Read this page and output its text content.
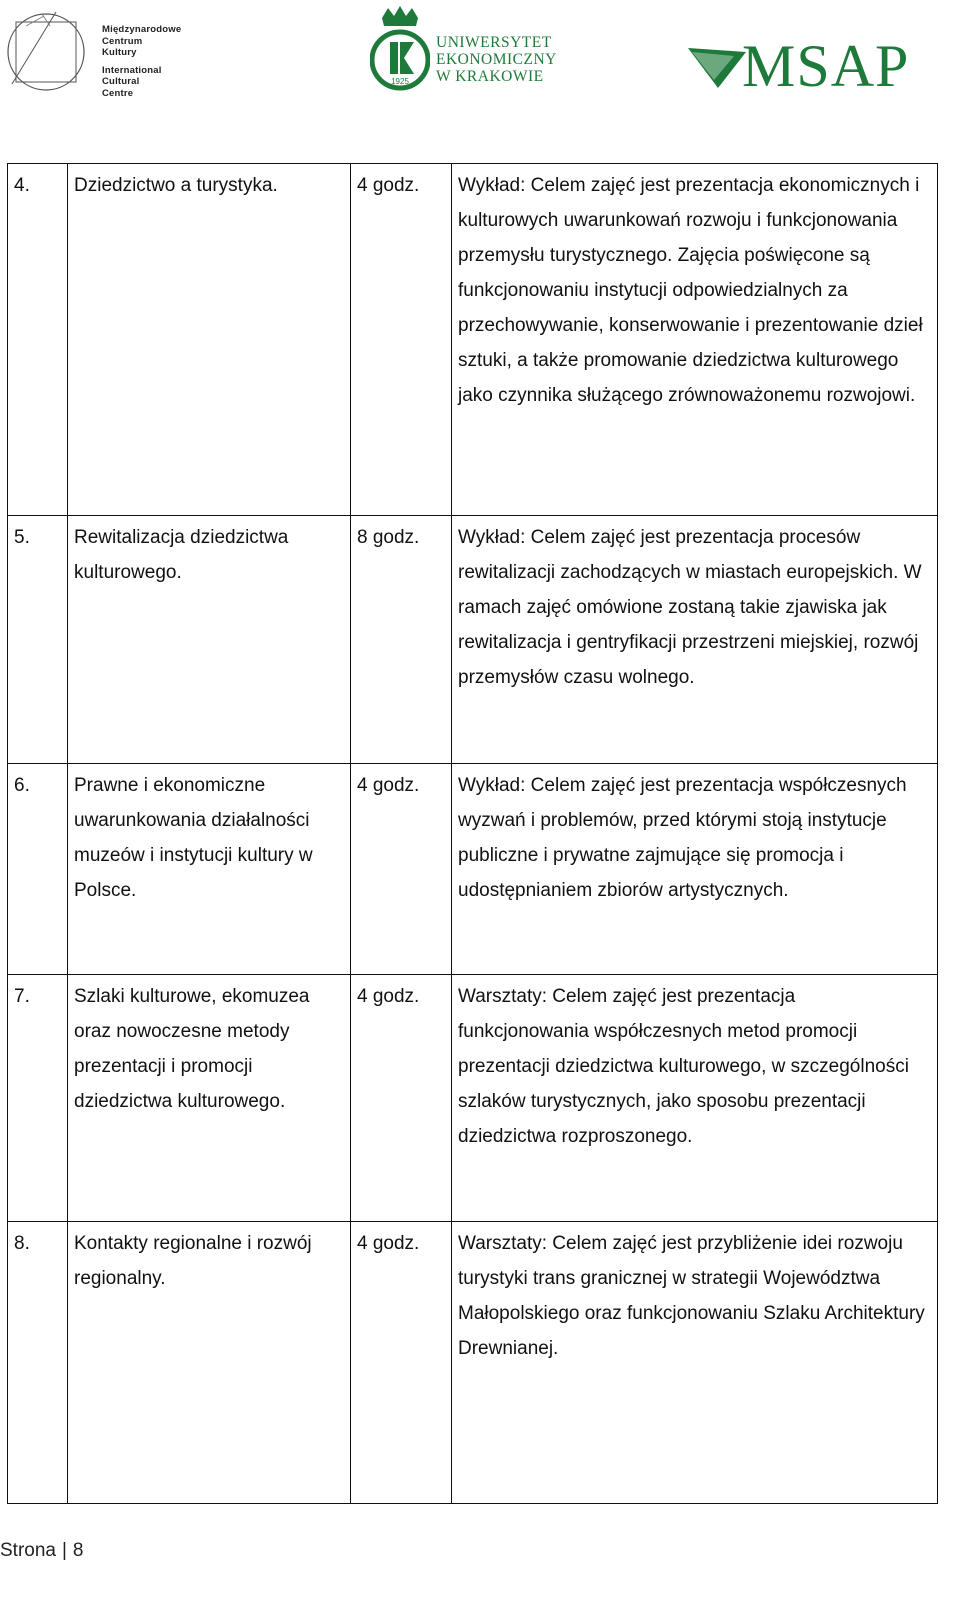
Międzynarodowe
Centrum
Kultury
International
Cultural
Centre
1925
UNIWERSYTET
EKONOMICZNY
W KRAKOWIE	MSAP
4.	Dziedzictwo a turystyka.	4 godz.	Wykład: Celem zajęć jest prezentacja ekonomicznych i kulturowych uwarunkowań rozwoju i funkcjonowania przemysłu turystycznego. Zajęcia poświęcone są funkcjonowaniu instytucji odpowiedzialnych za przechowywanie, konserwowanie i prezentowanie dzieł sztuki, a także promowanie dziedzictwa kulturowego jako czynnika służącego zrównoważonemu rozwojowi.
5.	Rewitalizacja dziedzictwa kulturowego.	8 godz.	Wykład: Celem zajęć jest prezentacja procesów rewitalizacji zachodzących w miastach europejskich. W ramach zajęć omówione zostaną takie zjawiska jak rewitalizacja i gentryfikacji przestrzeni miejskiej, rozwój przemysłów czasu wolnego.
6.	Prawne i ekonomiczne uwarunkowania działalności muzeów i instytucji kultury w Polsce.	4 godz.	Wykład: Celem zajęć jest prezentacja współczesnych wyzwań i problemów, przed którymi stoją instytucje publiczne i prywatne zajmujące się promocja i udostępnianiem zbiorów artystycznych.
7.	Szlaki kulturowe, ekomuzea oraz nowoczesne metody prezentacji i promocji dziedzictwa kulturowego.	4 godz.	Warsztaty: Celem zajęć jest prezentacja funkcjonowania współczesnych metod promocji prezentacji dziedzictwa kulturowego, w szczególności szlaków turystycznych, jako sposobu prezentacji dziedzictwa rozproszonego.
8.	Kontakty regionalne i rozwój regionalny.	4 godz.	Warsztaty: Celem zajęć jest przybliżenie idei rozwoju turystyki trans granicznej w strategii Województwa Małopolskiego oraz funkcjonowaniu Szlaku Architektury Drewnianej.
Strona | 8
